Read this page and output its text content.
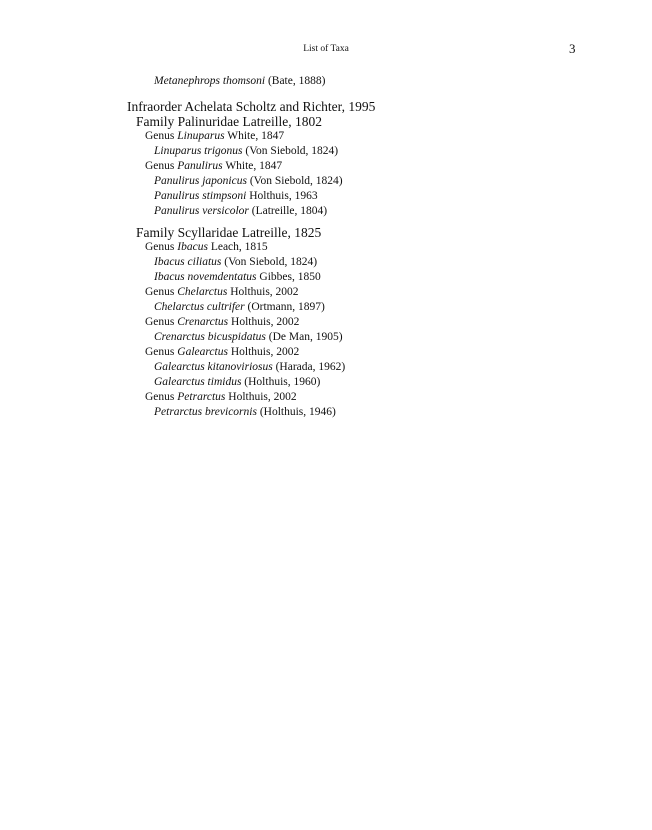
List of Taxa	3
Metanephrops thomsoni (Bate, 1888)
Infraorder Achelata Scholtz and Richter, 1995
Family Palinuridae Latreille, 1802
Genus Linuparus White, 1847
Linuparus trigonus (Von Siebold, 1824)
Genus Panulirus White, 1847
Panulirus japonicus (Von Siebold, 1824)
Panulirus stimpsoni Holthuis, 1963
Panulirus versicolor (Latreille, 1804)
Family Scyllaridae Latreille, 1825
Genus Ibacus Leach, 1815
Ibacus ciliatus (Von Siebold, 1824)
Ibacus novemdentatus Gibbes, 1850
Genus Chelarctus Holthuis, 2002
Chelarctus cultrifer (Ortmann, 1897)
Genus Crenarctus Holthuis, 2002
Crenarctus bicuspidatus (De Man, 1905)
Genus Galearctus Holthuis, 2002
Galearctus kitanoviriosus (Harada, 1962)
Galearctus timidus (Holthuis, 1960)
Genus Petrarctus Holthuis, 2002
Petrarctus brevicornis (Holthuis, 1946)
